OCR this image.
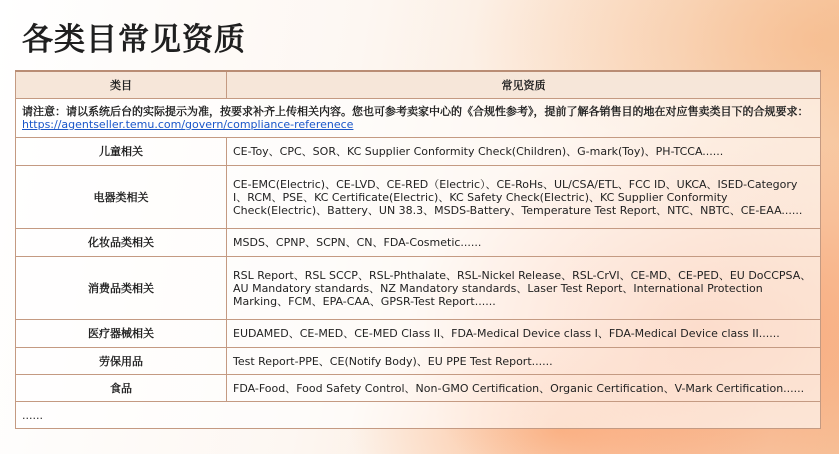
各类目常见资质
类目	常见资质
请注意：请以系统后台的实际提示为准，按要求补齐上传相关内容。您也可参考卖家中心的《合规性参考》，提前了解各销售目的地在对应售卖类目下的合规要求：
https://agentseller.temu.com/govern/compliance-referenece	
儿童相关	CE-Toy、CPC、SOR、KC Supplier Conformity Check(Children)、G-mark(Toy)、PH-TCCA......
电器类相关	CE-EMC(Electric)、CE-LVD、CE-RED（Electric）、CE-RoHs、UL/CSA/ETL、FCC ID、UKCA、ISED-Category I、RCM、PSE、KC Certificate(Electric)、KC Safety Check(Electric)、KC Supplier Conformity Check(Electric)、Battery、UN 38.3、MSDS-Battery、Temperature Test Report、NTC、NBTC、CE-EAA......
化妆品类相关	MSDS、CPNP、SCPN、CN、FDA-Cosmetic......
消费品类相关	RSL Report、RSL SCCP、RSL-Phthalate、RSL-Nickel Release、RSL-CrVI、CE-MD、CE-PED、EU DoCCPSA、AU Mandatory standards、NZ Mandatory standards、Laser Test Report、International Protection Marking、FCM、EPA-CAA、GPSR-Test Report......
医疗器械相关	EUDAMED、CE-MED、CE-MED Class II、FDA-Medical Device class I、FDA-Medical Device class II......
劳保用品	Test Report-PPE、CE(Notify Body)、EU PPE Test Report......
食品	FDA-Food、Food Safety Control、Non-GMO Certification、Organic Certification、V-Mark Certification......
......	
